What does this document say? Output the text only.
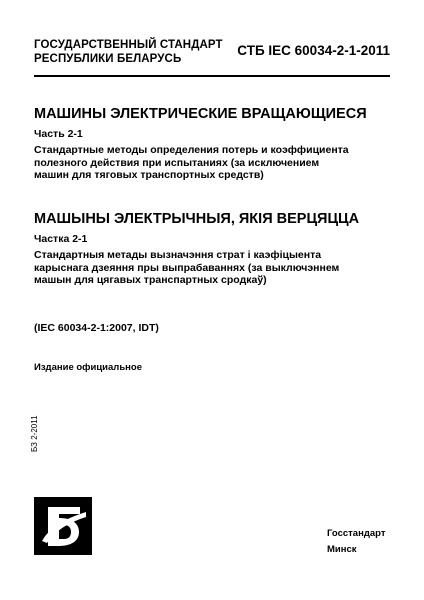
ГОСУДАРСТВЕННЫЙ СТАНДАРТ
РЕСПУБЛИКИ БЕЛАРУСЬ
СТБ IEC 60034-2-1-2011
МАШИНЫ ЭЛЕКТРИЧЕСКИЕ ВРАЩАЮЩИЕСЯ
Часть 2-1
Стандартные методы определения потерь и коэффициента
полезного действия при испытаниях (за исключением
машин для тяговых транспортных средств)
МАШЫНЫ ЭЛЕКТРЫЧНЫЯ, ЯКІЯ ВЕРЦЯЦЦА
Частка 2-1
Стандартныя метады вызначэння страт і каэфіцыента
карыснага дзеяння пры выпрабаваннях (за выключэннем
машын для цягавых транспартных сродкаў)
(IEC 60034-2-1:2007, IDT)
Издание официальное
БЗ 2-2011
Госстандарт
Минск
